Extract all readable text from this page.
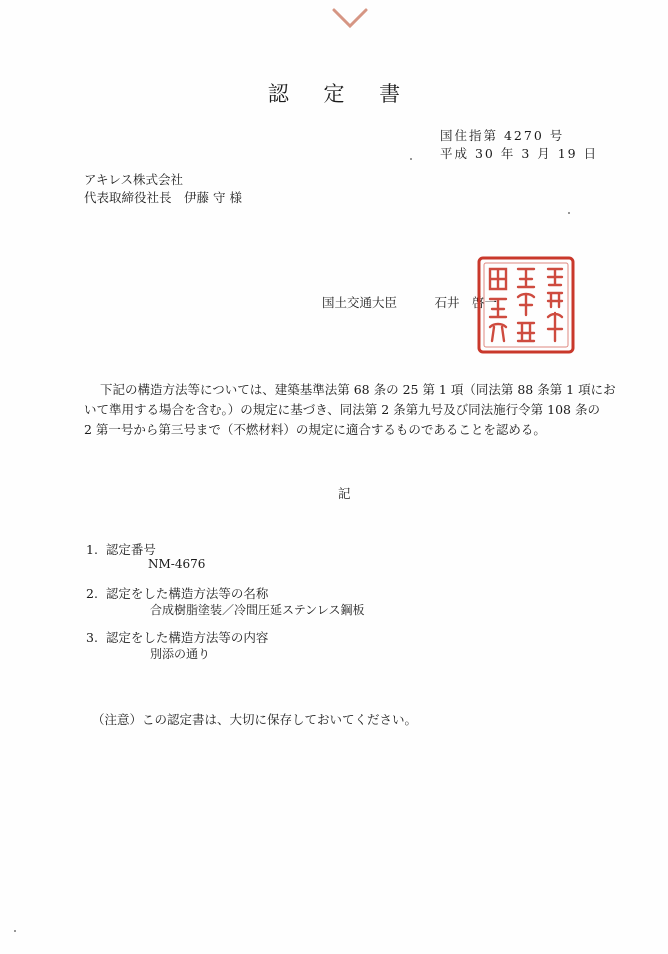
認 定 書
国住指第 4270 号
平成 30 年 3 月 19 日
アキレス株式会社
代表取締役社長　伊藤 守 様
国土交通大臣　　　	石井　啓一
下記の構造方法等については、建築基準法第 68 条の 25 第 1 項（同法第 88 条第 1 項にお
いて準用する場合を含む。）の規定に基づき、同法第 2 条第九号及び同法施行令第 108 条の
2 第一号から第三号まで（不燃材料）の規定に適合するものであることを認める。
記
1.  認定番号
NM-4676
2.  認定をした構造方法等の名称
合成樹脂塗装／冷間圧延ステンレス鋼板
3.  認定をした構造方法等の内容
別添の通り
（注意）この認定書は、大切に保存しておいてください。
